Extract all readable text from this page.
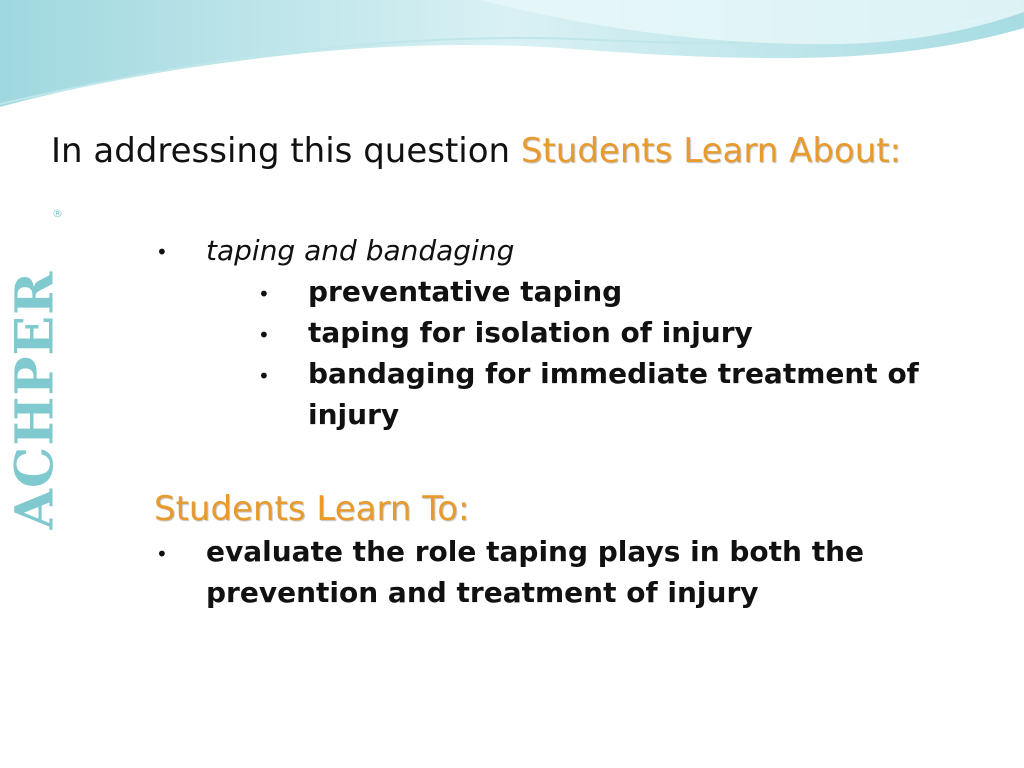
In addressing this question Students Learn About:
ACHPER
®
• taping and bandaging

• preventative taping

• taping for isolation of injury

• bandaging for immediate treatment of

injury

Students Learn To:
• evaluate the role taping plays in both the

prevention and treatment of injury
